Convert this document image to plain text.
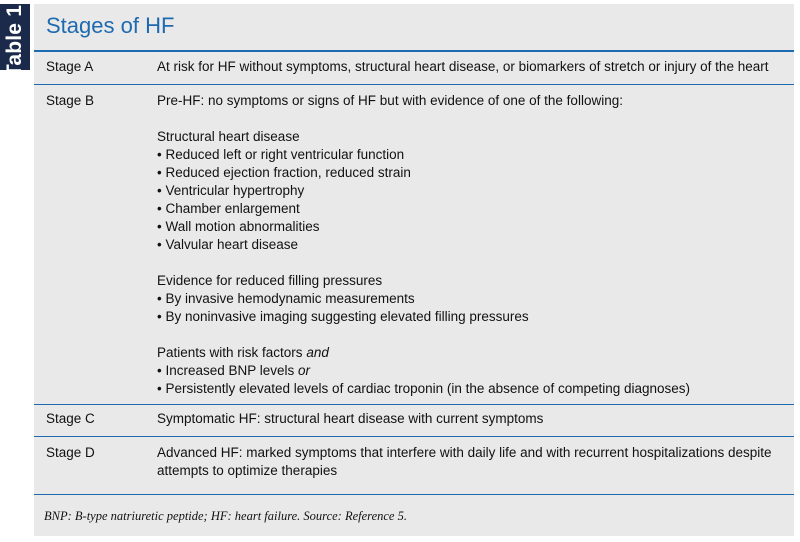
Table 1 Stages of HF
Stage A	At risk for HF without symptoms, structural heart disease, or biomarkers of stretch or injury of the heart
Stage B	Pre-HF: no symptoms or signs of HF but with evidence of one of the following:
Structural heart disease
• Reduced left or right ventricular function
• Reduced ejection fraction, reduced strain
• Ventricular hypertrophy
• Chamber enlargement
• Wall motion abnormalities
• Valvular heart disease
Evidence for reduced filling pressures
• By invasive hemodynamic measurements
• By noninvasive imaging suggesting elevated filling pressures
Patients with risk factors and
• Increased BNP levels or
• Persistently elevated levels of cardiac troponin (in the absence of competing diagnoses)
Stage C	Symptomatic HF: structural heart disease with current symptoms
Stage D	Advanced HF: marked symptoms that interfere with daily life and with recurrent hospitalizations despite
attempts to optimize therapies
BNP: B-type natriuretic peptide; HF: heart failure. Source: Reference 5.
